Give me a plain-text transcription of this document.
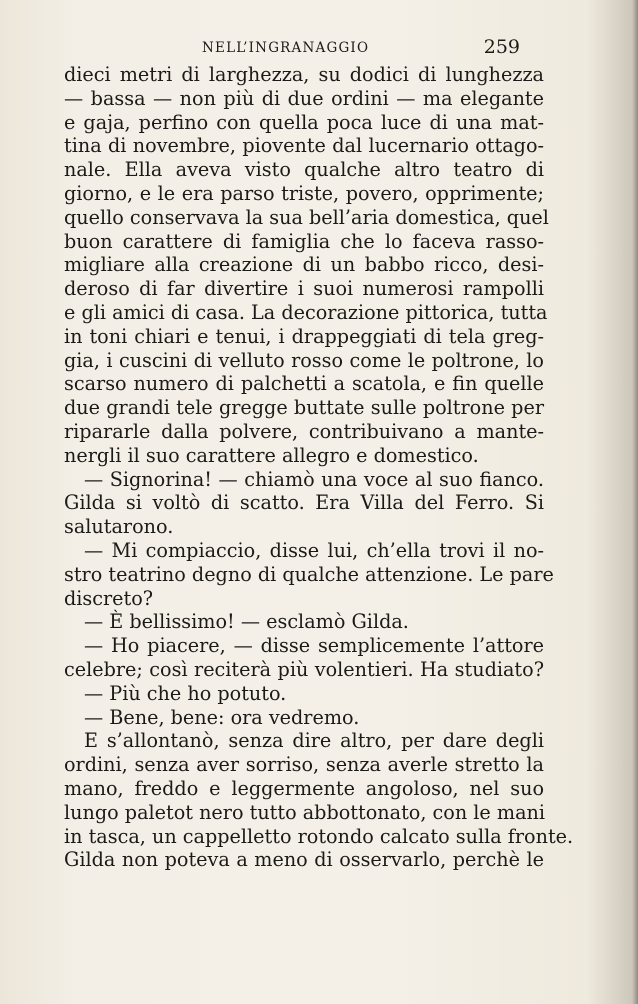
NELL’INGRANAGGIO	259
dieci metri di larghezza, su dodici di lunghezza
— bassa — non più di due ordini — ma elegante
e gaja, perfino con quella poca luce di una mat-
tina di novembre, piovente dal lucernario ottago-
nale. Ella aveva visto qualche altro teatro di
giorno, e le era parso triste, povero, opprimente;
quello conservava la sua bell’aria domestica, quel
buon carattere di famiglia che lo faceva rasso-
migliare alla creazione di un babbo ricco, desi-
deroso di far divertire i suoi numerosi rampolli
e gli amici di casa. La decorazione pittorica, tutta
in toni chiari e tenui, i drappeggiati di tela greg-
gia, i cuscini di velluto rosso come le poltrone, lo
scarso numero di palchetti a scatola, e fin quelle
due grandi tele gregge buttate sulle poltrone per
ripararle dalla polvere, contribuivano a mante-
nergli il suo carattere allegro e domestico.
— Signorina! — chiamò una voce al suo fianco.
Gilda si voltò di scatto. Era Villa del Ferro. Si
salutarono.
— Mi compiaccio, disse lui, ch’ella trovi il no-
stro teatrino degno di qualche attenzione. Le pare
discreto?
— È bellissimo! — esclamò Gilda.
— Ho piacere, — disse semplicemente l’attore
celebre; così reciterà più volentieri. Ha studiato?
— Più che ho potuto.
— Bene, bene: ora vedremo.
E s’allontanò, senza dire altro, per dare degli
ordini, senza aver sorriso, senza averle stretto la
mano, freddo e leggermente angoloso, nel suo
lungo paletot nero tutto abbottonato, con le mani
in tasca, un cappelletto rotondo calcato sulla fronte.
Gilda non poteva a meno di osservarlo, perchè le
